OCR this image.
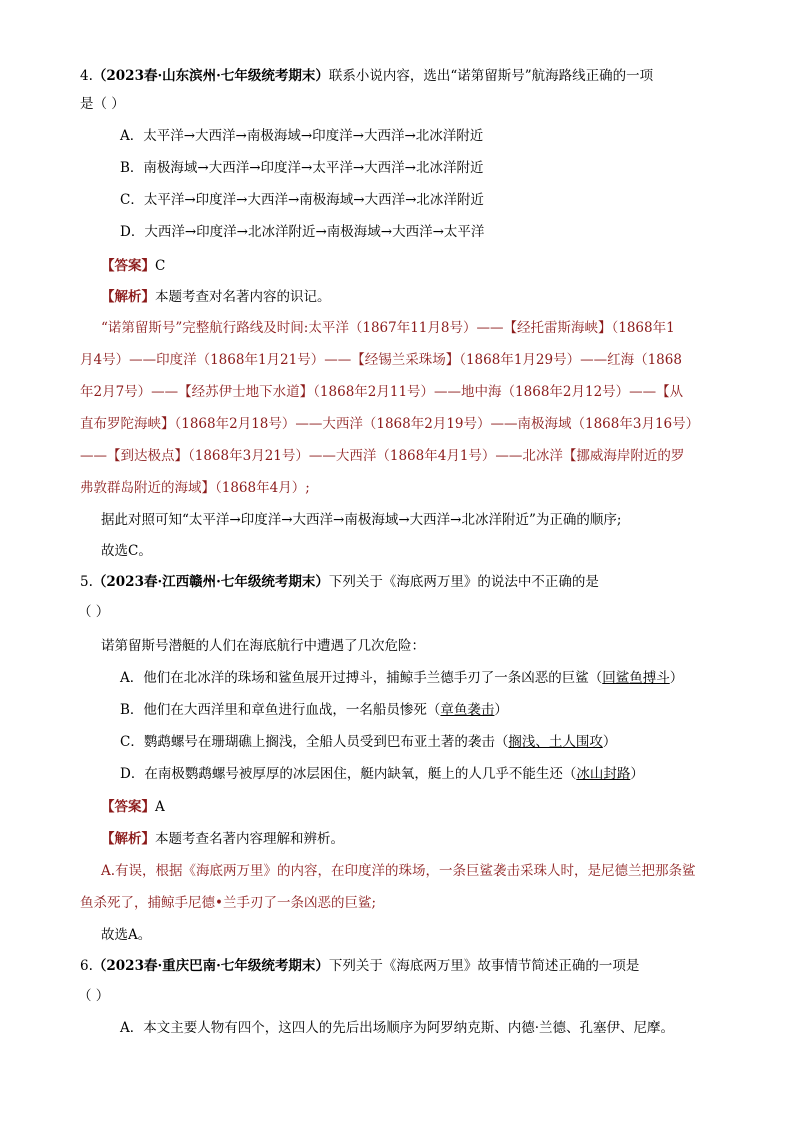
4.（2023春·山东滨州·七年级统考期末）联系小说内容，选出“诺第留斯号”航海路线正确的一项
是（ ）
A．太平洋→大西洋→南极海域→印度洋→大西洋→北冰洋附近
B．南极海域→大西洋→印度洋→太平洋→大西洋→北冰洋附近
C．太平洋→印度洋→大西洋→南极海域→大西洋→北冰洋附近
D．大西洋→印度洋→北冰洋附近→南极海域→大西洋→太平洋
【答案】C
【解析】本题考查对名著内容的识记。
“诺第留斯号”完整航行路线及时间:太平洋（1867年11月8号）——【经托雷斯海峡】（1868年1
月4号）——印度洋（1868年1月21号）——【经锡兰采珠场】（1868年1月29号）——红海（1868
年2月7号）——【经苏伊士地下水道】（1868年2月11号）——地中海（1868年2月12号）——【从
直布罗陀海峡】（1868年2月18号）——大西洋（1868年2月19号）——南极海域（1868年3月16号）
——【到达极点】（1868年3月21号）——大西洋（1868年4月1号）——北冰洋【挪威海岸附近的罗
弗敦群岛附近的海域】（1868年4月）;
据此对照可知“太平洋→印度洋→大西洋→南极海域→大西洋→北冰洋附近”为正确的顺序;
故选C。
5.（2023春·江西赣州·七年级统考期末）下列关于《海底两万里》的说法中不正确的是
（ ）
诺第留斯号潜艇的人们在海底航行中遭遇了几次危险：
A．他们在北冰洋的珠场和鲨鱼展开过搏斗，捕鲸手兰德手刃了一条凶恶的巨鲨（回鲨鱼搏斗）
B．他们在大西洋里和章鱼进行血战，一名船员惨死（章鱼袭击）
C．鹦鹉螺号在珊瑚礁上搁浅，全船人员受到巴布亚土著的袭击（搁浅、土人围攻）
D．在南极鹦鹉螺号被厚厚的冰层困住，艇内缺氧，艇上的人几乎不能生还（冰山封路）
【答案】A
【解析】本题考查名著内容理解和辨析。
A.有误，根据《海底两万里》的内容，在印度洋的珠场，一条巨鲨袭击采珠人时，是尼德兰把那条鲨
鱼杀死了，捕鲸手尼德•兰手刃了一条凶恶的巨鲨;
故选A。
6.（2023春·重庆巴南·七年级统考期末）下列关于《海底两万里》故事情节简述正确的一项是
（ ）
A．本文主要人物有四个，这四人的先后出场顺序为阿罗纳克斯、内德·兰德、孔塞伊、尼摩。
